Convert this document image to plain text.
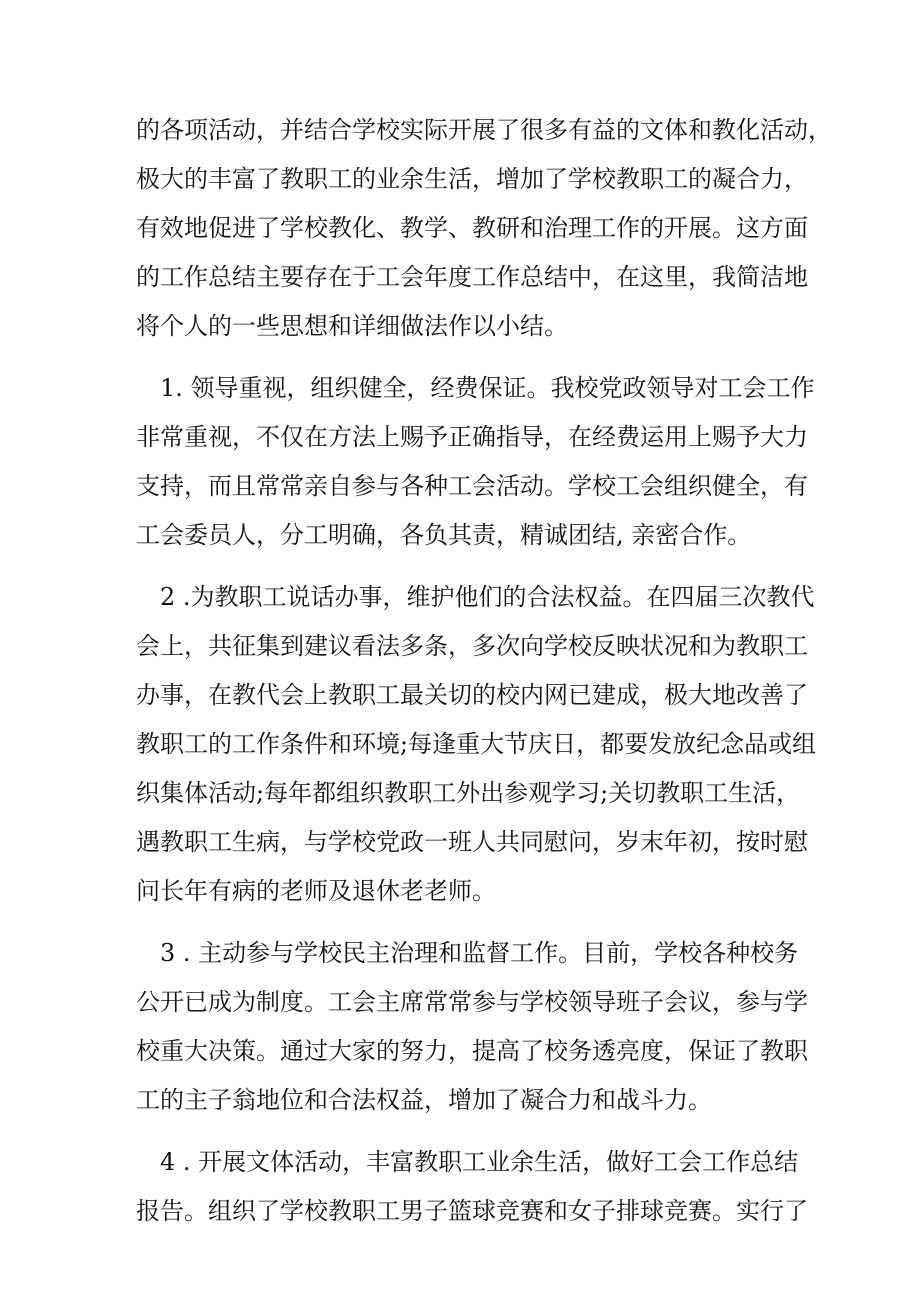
的各项活动，并结合学校实际开展了很多有益的文体和教化活动，
极大的丰富了教职工的业余生活，增加了学校教职工的凝合力，
有效地促进了学校教化、教学、教研和治理工作的开展。这方面
的工作总结主要存在于工会年度工作总结中，在这里，我简洁地
将个人的一些思想和详细做法作以小结。
1. 领导重视，组织健全，经费保证。我校党政领导对工会工作
非常重视，不仅在方法上赐予正确指导，在经费运用上赐予大力
支持，而且常常亲自参与各种工会活动。学校工会组织健全，有
工会委员人，分工明确，各负其责，精诚团结, 亲密合作。
2 .为教职工说话办事，维护他们的合法权益。在四届三次教代
会上，共征集到建议看法多条，多次向学校反映状况和为教职工
办事，在教代会上教职工最关切的校内网已建成，极大地改善了
教职工的工作条件和环境;每逢重大节庆日，都要发放纪念品或组
织集体活动;每年都组织教职工外出参观学习;关切教职工生活，
遇教职工生病，与学校党政一班人共同慰问，岁末年初，按时慰
问长年有病的老师及退休老老师。
3 . 主动参与学校民主治理和监督工作。目前，学校各种校务
公开已成为制度。工会主席常常参与学校领导班子会议，参与学
校重大决策。通过大家的努力，提高了校务透亮度，保证了教职
工的主子翁地位和合法权益，增加了凝合力和战斗力。
4 . 开展文体活动，丰富教职工业余生活，做好工会工作总结
报告。组织了学校教职工男子篮球竞赛和女子排球竞赛。实行了
